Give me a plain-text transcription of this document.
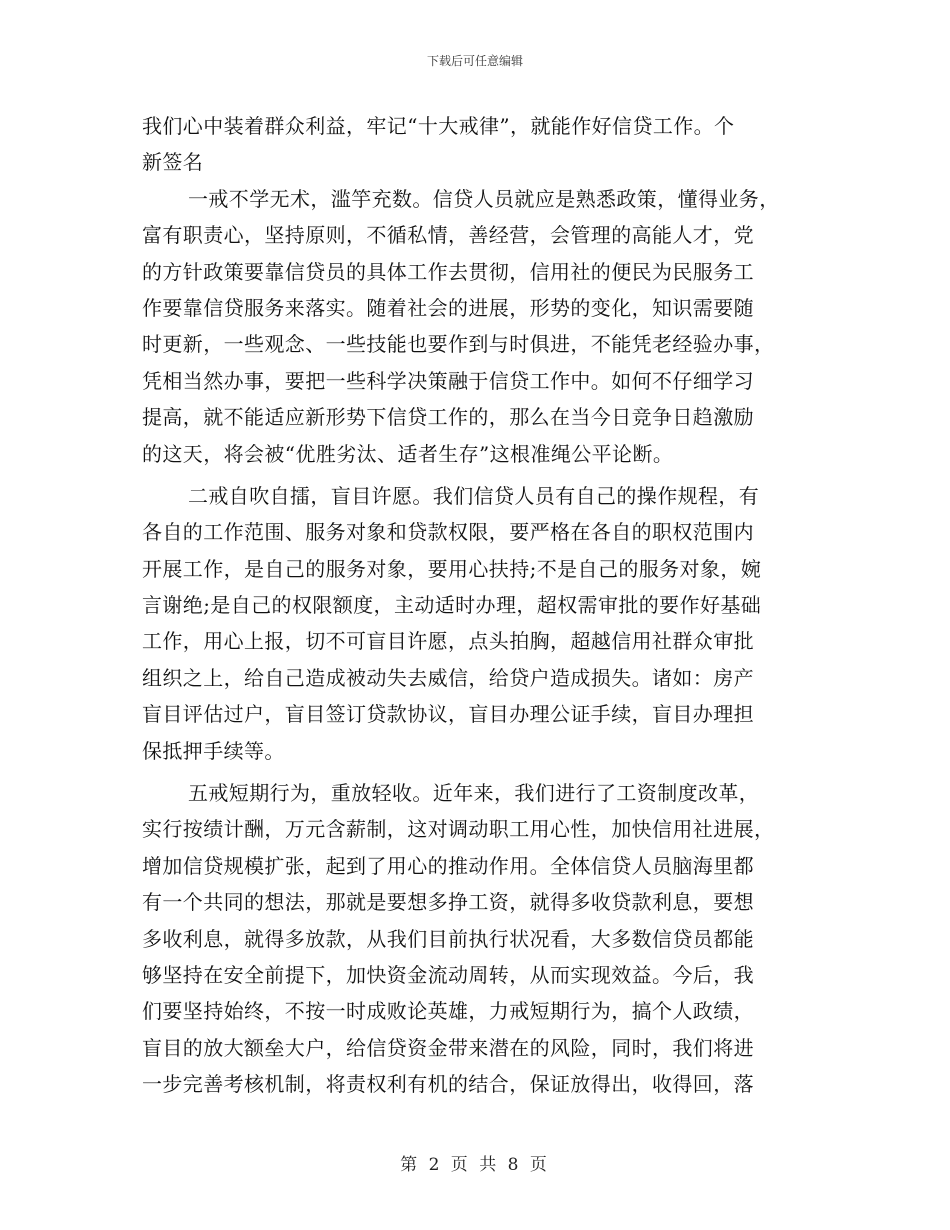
下载后可任意编辑
我们心中装着群众利益，牢记“十大戒律”，就能作好信贷工作。个
新签名
一戒不学无术，滥竽充数。信贷人员就应是熟悉政策，懂得业务，
富有职责心，坚持原则，不循私情，善经营，会管理的高能人才，党
的方针政策要靠信贷员的具体工作去贯彻，信用社的便民为民服务工
作要靠信贷服务来落实。随着社会的进展，形势的变化，知识需要随
时更新，一些观念、一些技能也要作到与时俱进，不能凭老经验办事，
凭相当然办事，要把一些科学决策融于信贷工作中。如何不仔细学习
提高，就不能适应新形势下信贷工作的，那么在当今日竞争日趋激励
的这天，将会被“优胜劣汰、适者生存”这根准绳公平论断。
二戒自吹自擂，盲目许愿。我们信贷人员有自己的操作规程，有
各自的工作范围、服务对象和贷款权限，要严格在各自的职权范围内
开展工作，是自己的服务对象，要用心扶持;不是自己的服务对象，婉
言谢绝;是自己的权限额度，主动适时办理，超权需审批的要作好基础
工作，用心上报，切不可盲目许愿，点头拍胸，超越信用社群众审批
组织之上，给自己造成被动失去威信，给贷户造成损失。诸如：房产
盲目评估过户，盲目签订贷款协议，盲目办理公证手续，盲目办理担
保抵押手续等。
五戒短期行为，重放轻收。近年来，我们进行了工资制度改革，
实行按绩计酬，万元含薪制，这对调动职工用心性，加快信用社进展，
增加信贷规模扩张，起到了用心的推动作用。全体信贷人员脑海里都
有一个共同的想法，那就是要想多挣工资，就得多收贷款利息，要想
多收利息，就得多放款，从我们目前执行状况看，大多数信贷员都能
够坚持在安全前提下，加快资金流动周转，从而实现效益。今后，我
们要坚持始终，不按一时成败论英雄，力戒短期行为，搞个人政绩，
盲目的放大额垒大户，给信贷资金带来潜在的风险，同时，我们将进
一步完善考核机制，将责权利有机的结合，保证放得出，收得回，落
第 2 页 共 8 页
